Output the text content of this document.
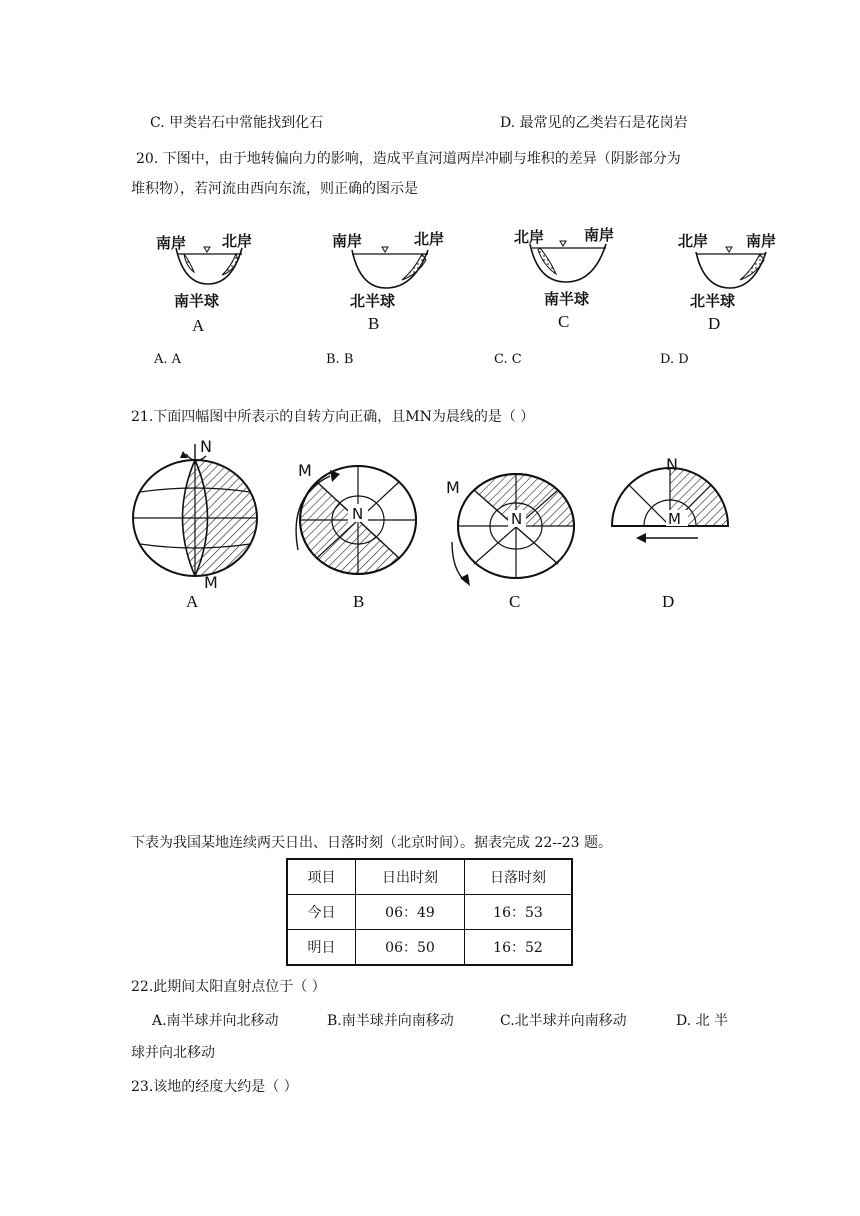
C. 甲类岩石中常能找到化石	D. 最常见的乙类岩石是花岗岩
20. 下图中，由于地转偏向力的影响，造成平直河道两岸冲刷与堆积的差异（阴影部分为
堆积物），若河流由西向东流，则正确的图示是
南岸 北岸
南半球
A
南岸	北岸
北半球
B
北岸	南岸
南半球
C
北岸	南岸
北半球
D
A. A	B. B	C. C	D. D
21.下面四幅图中所表示的自转方向正确，且MN为晨线的是（ ）
N
M
A
N
M
B
N
M
C
N
M
D
下表为我国某地连续两天日出、日落时刻（北京时间）。据表完成 22--23 题。
项目	日出时刻	日落时刻
今日	06：49	16：53
明日	06：50	16：52
22.此期间太阳直射点位于（ ）
A.南半球并向北移动	B.南半球并向南移动	C.北半球并向南移动	D. 北 半
球并向北移动
23.该地的经度大约是（ ）
